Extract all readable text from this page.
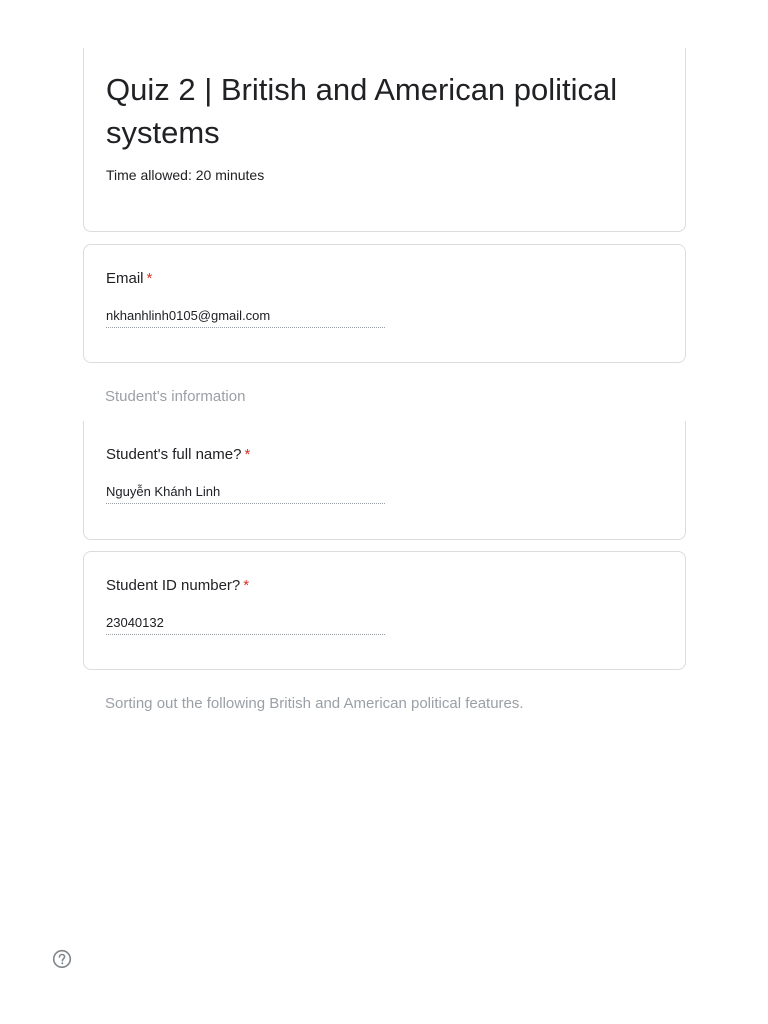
Quiz 2 | British and American political systems
Time allowed: 20 minutes
Email *
nkhanhlinh0105@gmail.com
Student's information
Student's full name? *
Nguyễn Khánh Linh
Student ID number? *
23040132
Sorting out the following British and American political features.
